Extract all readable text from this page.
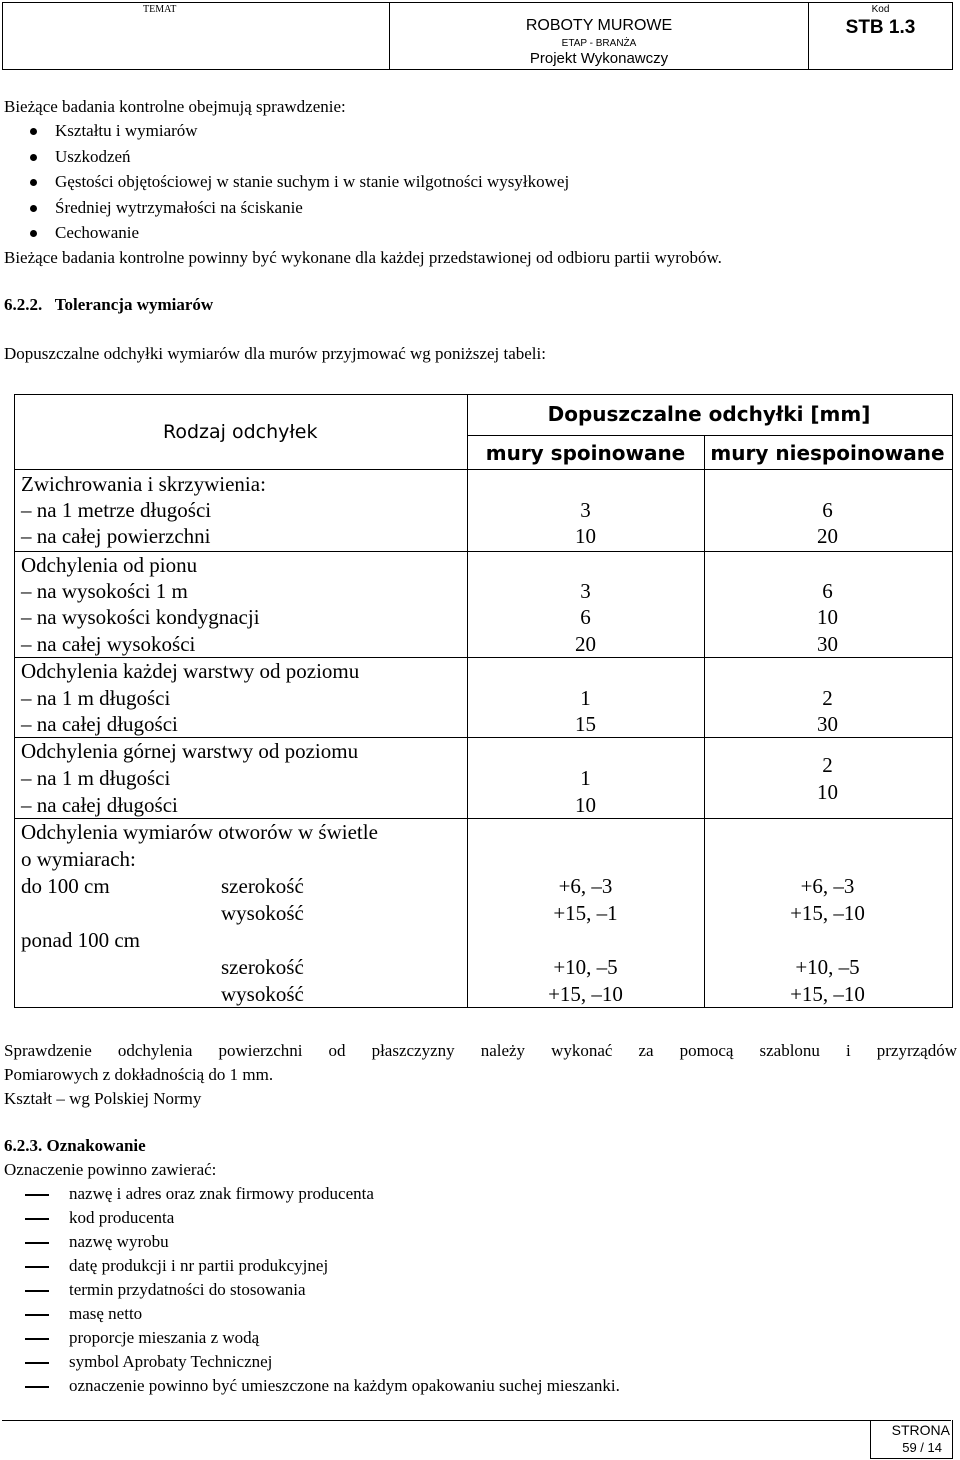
TEMAT
ROBOTY MUROWE
ETAP - BRANŻA
Projekt Wykonawczy
Kod
STB 1.3
Bieżące badania kontrolne obejmują sprawdzenie:
Kształtu i wymiarów
Uszkodzeń
Gęstości objętościowej w stanie suchym i w stanie wilgotności wysyłkowej
Średniej wytrzymałości na ściskanie
Cechowanie
Bieżące badania kontrolne powinny być wykonane dla każdej przedstawionej od odbioru partii wyrobów.
6.2.2. Tolerancja wymiarów
Dopuszczalne odchyłki wymiarów dla murów przyjmować wg poniższej tabeli:
Rodzaj odchyłek
Dopuszczalne odchyłki [mm]
mury spoinowane	mury niespoinowane
Zwichrowania i skrzywienia:
– na 1 metrze długości
– na całej powierzchni
3
10
6
20
Odchylenia od pionu
– na wysokości 1 m
– na wysokości kondygnacji
– na całej wysokości
3
6
20
6
10
30
Odchylenia każdej warstwy od poziomu
– na 1 m długości
– na całej długości
1
15
2
30
Odchylenia górnej warstwy od poziomu
– na 1 m długości
– na całej długości
1
10
2
10
Odchylenia wymiarów otworów w świetle
o wymiarach:
do 100 cm
ponad 100 cm
szerokość
wysokość
szerokość
wysokość
+6, –3
+15, –1
+10, –5
+15, –10
+6, –3
+15, –10
+10, –5
+15, –10
Sprawdzenie odchylenia powierzchni od płaszczyzny należy wykonać za pomocą szablonu i przyrządów
Pomiarowych z dokładnością do 1 mm.
Kształt – wg Polskiej Normy
6.2.3. Oznakowanie
Oznaczenie powinno zawierać:
nazwę i adres oraz znak firmowy producenta
kod producenta
nazwę wyrobu
datę produkcji i nr partii produkcyjnej
termin przydatności do stosowania
masę netto
proporcje mieszania z wodą
symbol Aprobaty Technicznej
oznaczenie powinno być umieszczone na każdym opakowaniu suchej mieszanki.
STRONA
59 / 14
